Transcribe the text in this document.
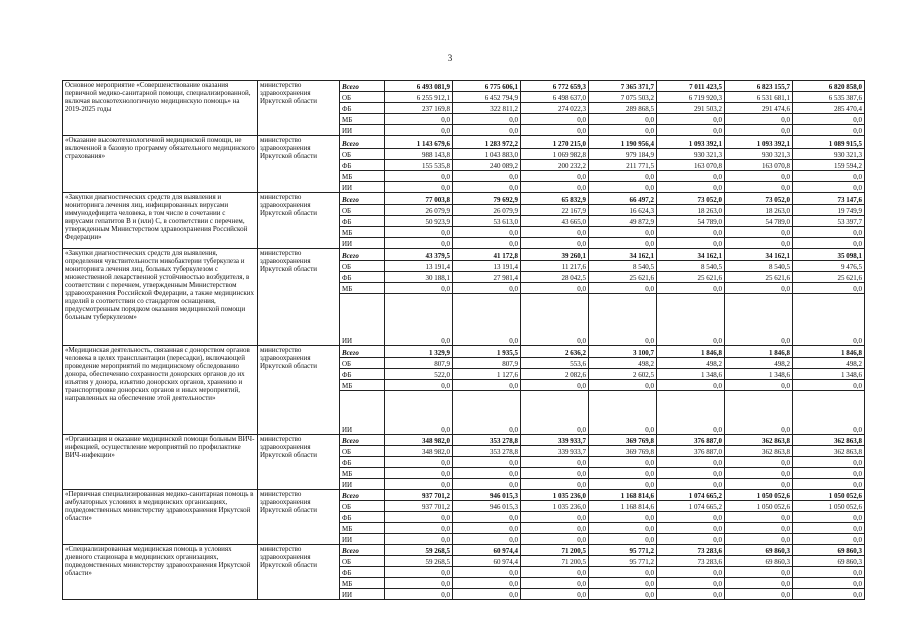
3
Основное мероприятие «Совершенствование оказания первичной медико-санитарной помощи, специализированной, включая высокотехнологичную медицинскую помощь» на 2019-2025 годы	министерство здравоохранения Иркутской области	Всего	6 493 081,9	6 775 606,1	6 772 659,3	7 365 371,7	7 011 423,5	6 823 155,7	6 820 858,0
		ОБ	6 255 912,1	6 452 794,9	6 498 637,0	7 075 503,2	6 719 920,3	6 531 681,1	6 535 387,6
		ФБ	237 169,8	322 811,2	274 022,3	289 868,5	291 503,2	291 474,6	285 470,4
		МБ	0,0	0,0	0,0	0,0	0,0	0,0	0,0
		ИИ	0,0	0,0	0,0	0,0	0,0	0,0	0,0
«Оказание высокотехнологичной медицинской помощи, не включенной в базовую программу обязательного медицинского страхования»	министерство здравоохранения Иркутской области	Всего	1 143 679,6	1 283 972,2	1 270 215,0	1 190 956,4	1 093 392,1	1 093 392,1	1 089 915,5
		ОБ	988 143,8	1 043 883,0	1 069 982,8	979 184,9	930 321,3	930 321,3	930 321,3
		ФБ	155 535,8	240 089,2	200 232,2	211 771,5	163 070,8	163 070,8	159 594,2
		МБ	0,0	0,0	0,0	0,0	0,0	0,0	0,0
		ИИ	0,0	0,0	0,0	0,0	0,0	0,0	0,0
«Закупки диагностических средств для выявления и мониторинга лечения лиц, инфицированных вирусами иммунодефицита человека, в том числе в сочетании с вирусами гепатитов B и (или) C, в соответствии с перечнем, утвержденным Министерством здравоохранения Российской Федерации»	министерство здравоохранения Иркутской области	Всего	77 003,8	79 692,9	65 832,9	66 497,2	73 052,0	73 052,0	73 147,6
		ОБ	26 079,9	26 079,9	22 167,9	16 624,3	18 263,0	18 263,0	19 749,9
		ФБ	50 923,9	53 613,0	43 665,0	49 872,9	54 789,0	54 789,0	53 397,7
		МБ	0,0	0,0	0,0	0,0	0,0	0,0	0,0
		ИИ	0,0	0,0	0,0	0,0	0,0	0,0	0,0
«Закупки диагностических средств для выявления, определения чувствительности микобактерии туберкулеза и мониторинга лечения лиц, больных туберкулезом с множественной лекарственной устойчивостью возбудителя, в соответствии с перечнем, утвержденным Министерством здравоохранения Российской Федерации, а также медицинских изделий в соответствии со стандартом оснащения, предусмотренным порядком оказания медицинской помощи больным туберкулезом»	министерство здравоохранения Иркутской области	Всего	43 379,5	41 172,8	39 260,1	34 162,1	34 162,1	34 162,1	35 098,1
		ОБ	13 191,4	13 191,4	11 217,6	8 540,5	8 540,5	8 540,5	9 476,5
		ФБ	30 188,1	27 981,4	28 042,5	25 621,6	25 621,6	25 621,6	25 621,6
		МБ	0,0	0,0	0,0	0,0	0,0	0,0	0,0
		ИИ	0,0	0,0	0,0	0,0	0,0	0,0	0,0
«Медицинская деятельность, связанная с донорством органов человека в целях трансплантации (пересадки), включающей проведение мероприятий по медицинскому обследованию донора, обеспечению сохранности донорских органов до их изъятия у донора, изъятию донорских органов, хранению и транспортировке донорских органов и иных мероприятий, направленных на обеспечение этой деятельности»	министерство здравоохранения Иркутской области	Всего	1 329,9	1 935,5	2 636,2	3 100,7	1 846,8	1 846,8	1 846,8
		ОБ	807,9	807,9	553,6	498,2	498,2	498,2	498,2
		ФБ	522,0	1 127,6	2 082,6	2 602,5	1 348,6	1 348,6	1 348,6
		МБ	0,0	0,0	0,0	0,0	0,0	0,0	0,0
		ИИ	0,0	0,0	0,0	0,0	0,0	0,0	0,0
«Организация и оказание медицинской помощи больным ВИЧ-инфекцией, осуществление мероприятий по профилактике ВИЧ-инфекции»	министерство здравоохранения Иркутской области	Всего	348 982,0	353 278,8	339 933,7	369 769,8	376 887,0	362 863,8	362 863,8
		ОБ	348 982,0	353 278,8	339 933,7	369 769,8	376 887,0	362 863,8	362 863,8
		ФБ	0,0	0,0	0,0	0,0	0,0	0,0	0,0
		МБ	0,0	0,0	0,0	0,0	0,0	0,0	0,0
		ИИ	0,0	0,0	0,0	0,0	0,0	0,0	0,0
«Первичная специализированная медико-санитарная помощь в амбулаторных условиях в медицинских организациях, подведомственных министерству здравоохранения Иркутской области»	министерство здравоохранения Иркутской области	Всего	937 701,2	946 015,3	1 035 236,0	1 168 814,6	1 074 665,2	1 050 052,6	1 050 052,6
		ОБ	937 701,2	946 015,3	1 035 236,0	1 168 814,6	1 074 665,2	1 050 052,6	1 050 052,6
		ФБ	0,0	0,0	0,0	0,0	0,0	0,0	0,0
		МБ	0,0	0,0	0,0	0,0	0,0	0,0	0,0
		ИИ	0,0	0,0	0,0	0,0	0,0	0,0	0,0
«Специализированная медицинская помощь в условиях дневного стационара в медицинских организациях, подведомственных министерству здравоохранения Иркутской области»	министерство здравоохранения Иркутской области	Всего	59 268,5	60 974,4	71 200,5	95 771,2	73 283,6	69 860,3	69 860,3
		ОБ	59 268,5	60 974,4	71 200,5	95 771,2	73 283,6	69 860,3	69 860,3
		ФБ	0,0	0,0	0,0	0,0	0,0	0,0	0,0
		МБ	0,0	0,0	0,0	0,0	0,0	0,0	0,0
		ИИ	0,0	0,0	0,0	0,0	0,0	0,0	0,0
